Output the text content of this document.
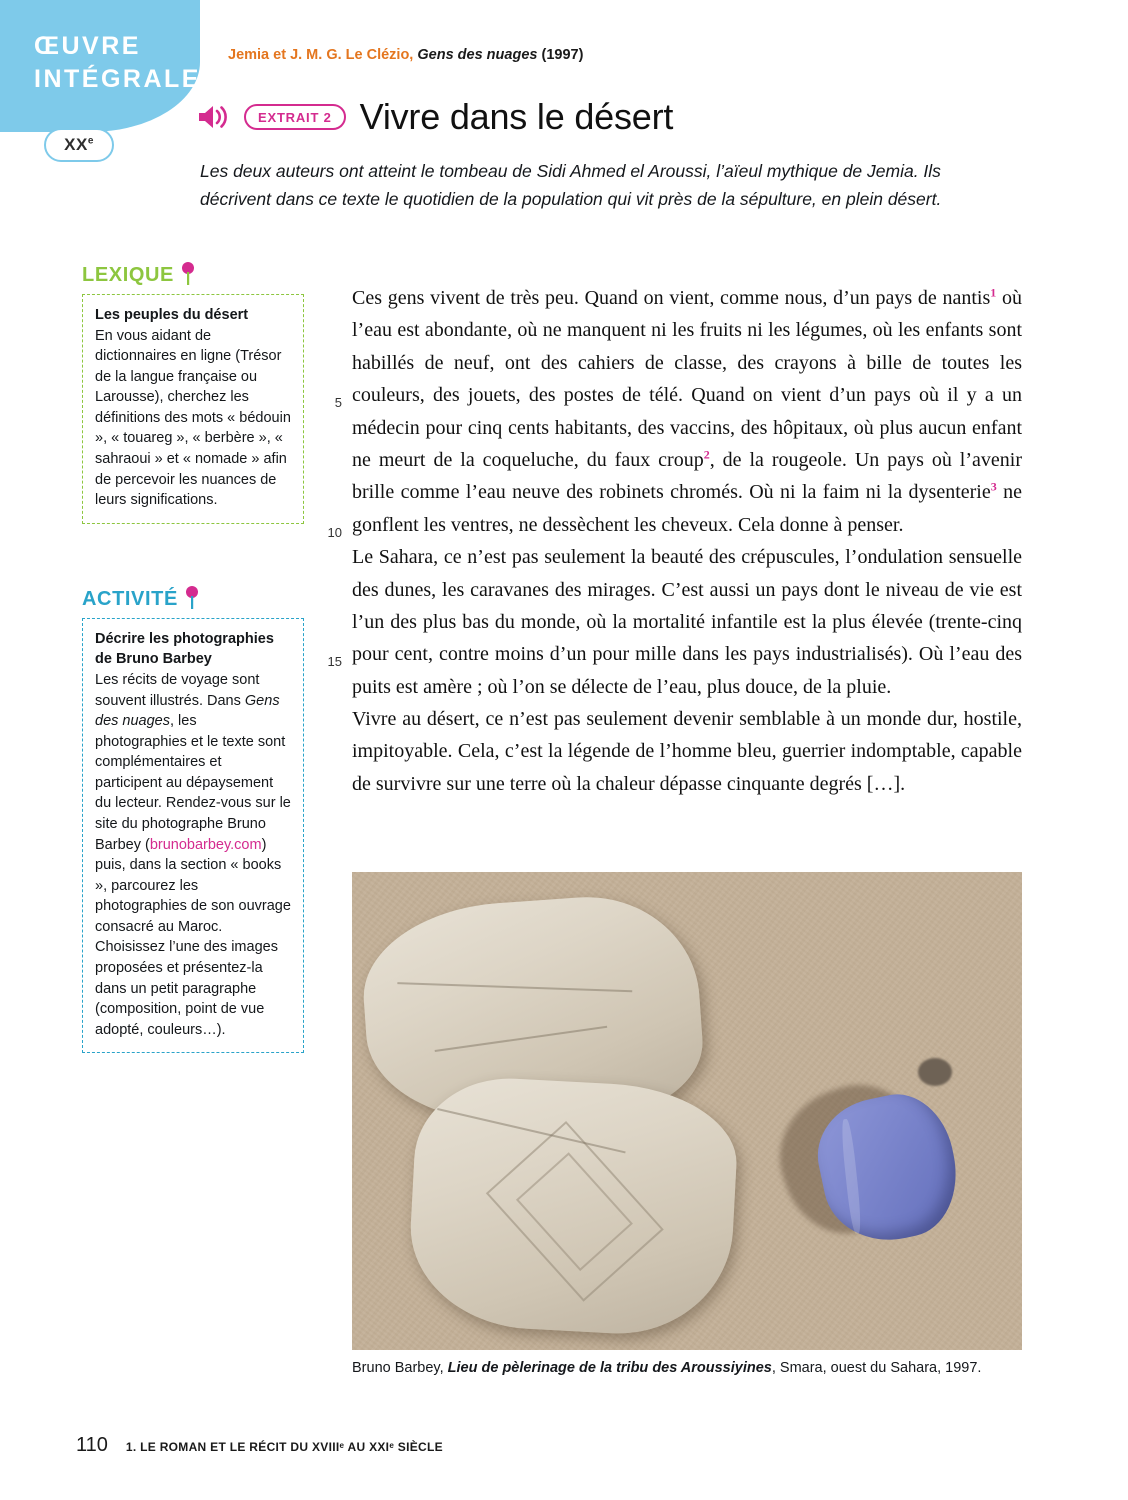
ŒUVRE
INTÉGRALE
XXe
Jemia et J. M. G. Le Clézio, Gens des nuages (1997)
EXTRAIT 2 Vivre dans le désert
Les deux auteurs ont atteint le tombeau de Sidi Ahmed el Aroussi, l’aïeul mythique de Jemia. Ils décrivent dans ce texte le quotidien de la population qui vit près de la sépulture, en plein désert.
LEXIQUE
Les peuples du désert
En vous aidant de dictionnaires en ligne (Trésor de la langue française ou Larousse), cherchez les définitions des mots « bédouin », « touareg », « berbère », « sahraoui » et « nomade » afin de percevoir les nuances de leurs significations.
ACTIVITÉ
Décrire les photographies de Bruno Barbey
Les récits de voyage sont souvent illustrés. Dans Gens des nuages, les photographies et le texte sont complémentaires et participent au dépaysement du lecteur. Rendez-vous sur le site du photographe Bruno Barbey (brunobarbey.com) puis, dans la section « books », parcourez les photographies de son ouvrage consacré au Maroc. Choisissez l’une des images proposées et présentez-la dans un petit paragraphe (composition, point de vue adopté, couleurs…).
5
10
15

Ces gens vivent de très peu. Quand on vient, comme nous, d’un pays de nantis$^1$ où l’eau est abondante, où ne manquent ni les fruits ni les légumes, où les enfants sont habillés de neuf, ont des cahiers de classe, des crayons à bille de toutes les couleurs, des jouets, des postes de télé. Quand on vient d’un pays où il y a un médecin pour cinq cents habitants, des vaccins, des hôpitaux, où plus aucun enfant ne meurt de la coqueluche, du faux croup$^2$, de la rougeole. Un pays où l’avenir brille comme l’eau neuve des robinets chromés. Où ni la faim ni la dysenterie$^3$ ne gonflent les ventres, ne dessèchent les cheveux. Cela donne à penser.

Le Sahara, ce n’est pas seulement la beauté des crépuscules, l’ondulation sensuelle des dunes, les caravanes des mirages. C’est aussi un pays dont le niveau de vie est l’un des plus bas du monde, où la mortalité infantile est la plus élevée (trente-cinq pour cent, contre moins d’un pour mille dans les pays industrialisés). Où l’eau des puits est amère ; où l’on se délecte de l’eau, plus douce, de la pluie.

Vivre au désert, ce n’est pas seulement devenir semblable à un monde dur, hostile, impitoyable. Cela, c’est la légende de l’homme bleu, guerrier indomptable, capable de survivre sur une terre où la chaleur dépasse cinquante degrés […].

Bruno Barbey, Lieu de pèlerinage de la tribu des Aroussiyines, Smara, ouest du Sahara, 1997.
110 1. LE ROMAN ET LE RÉCIT DU XVIIIᵉ AU XXIᵉ SIÈCLE
